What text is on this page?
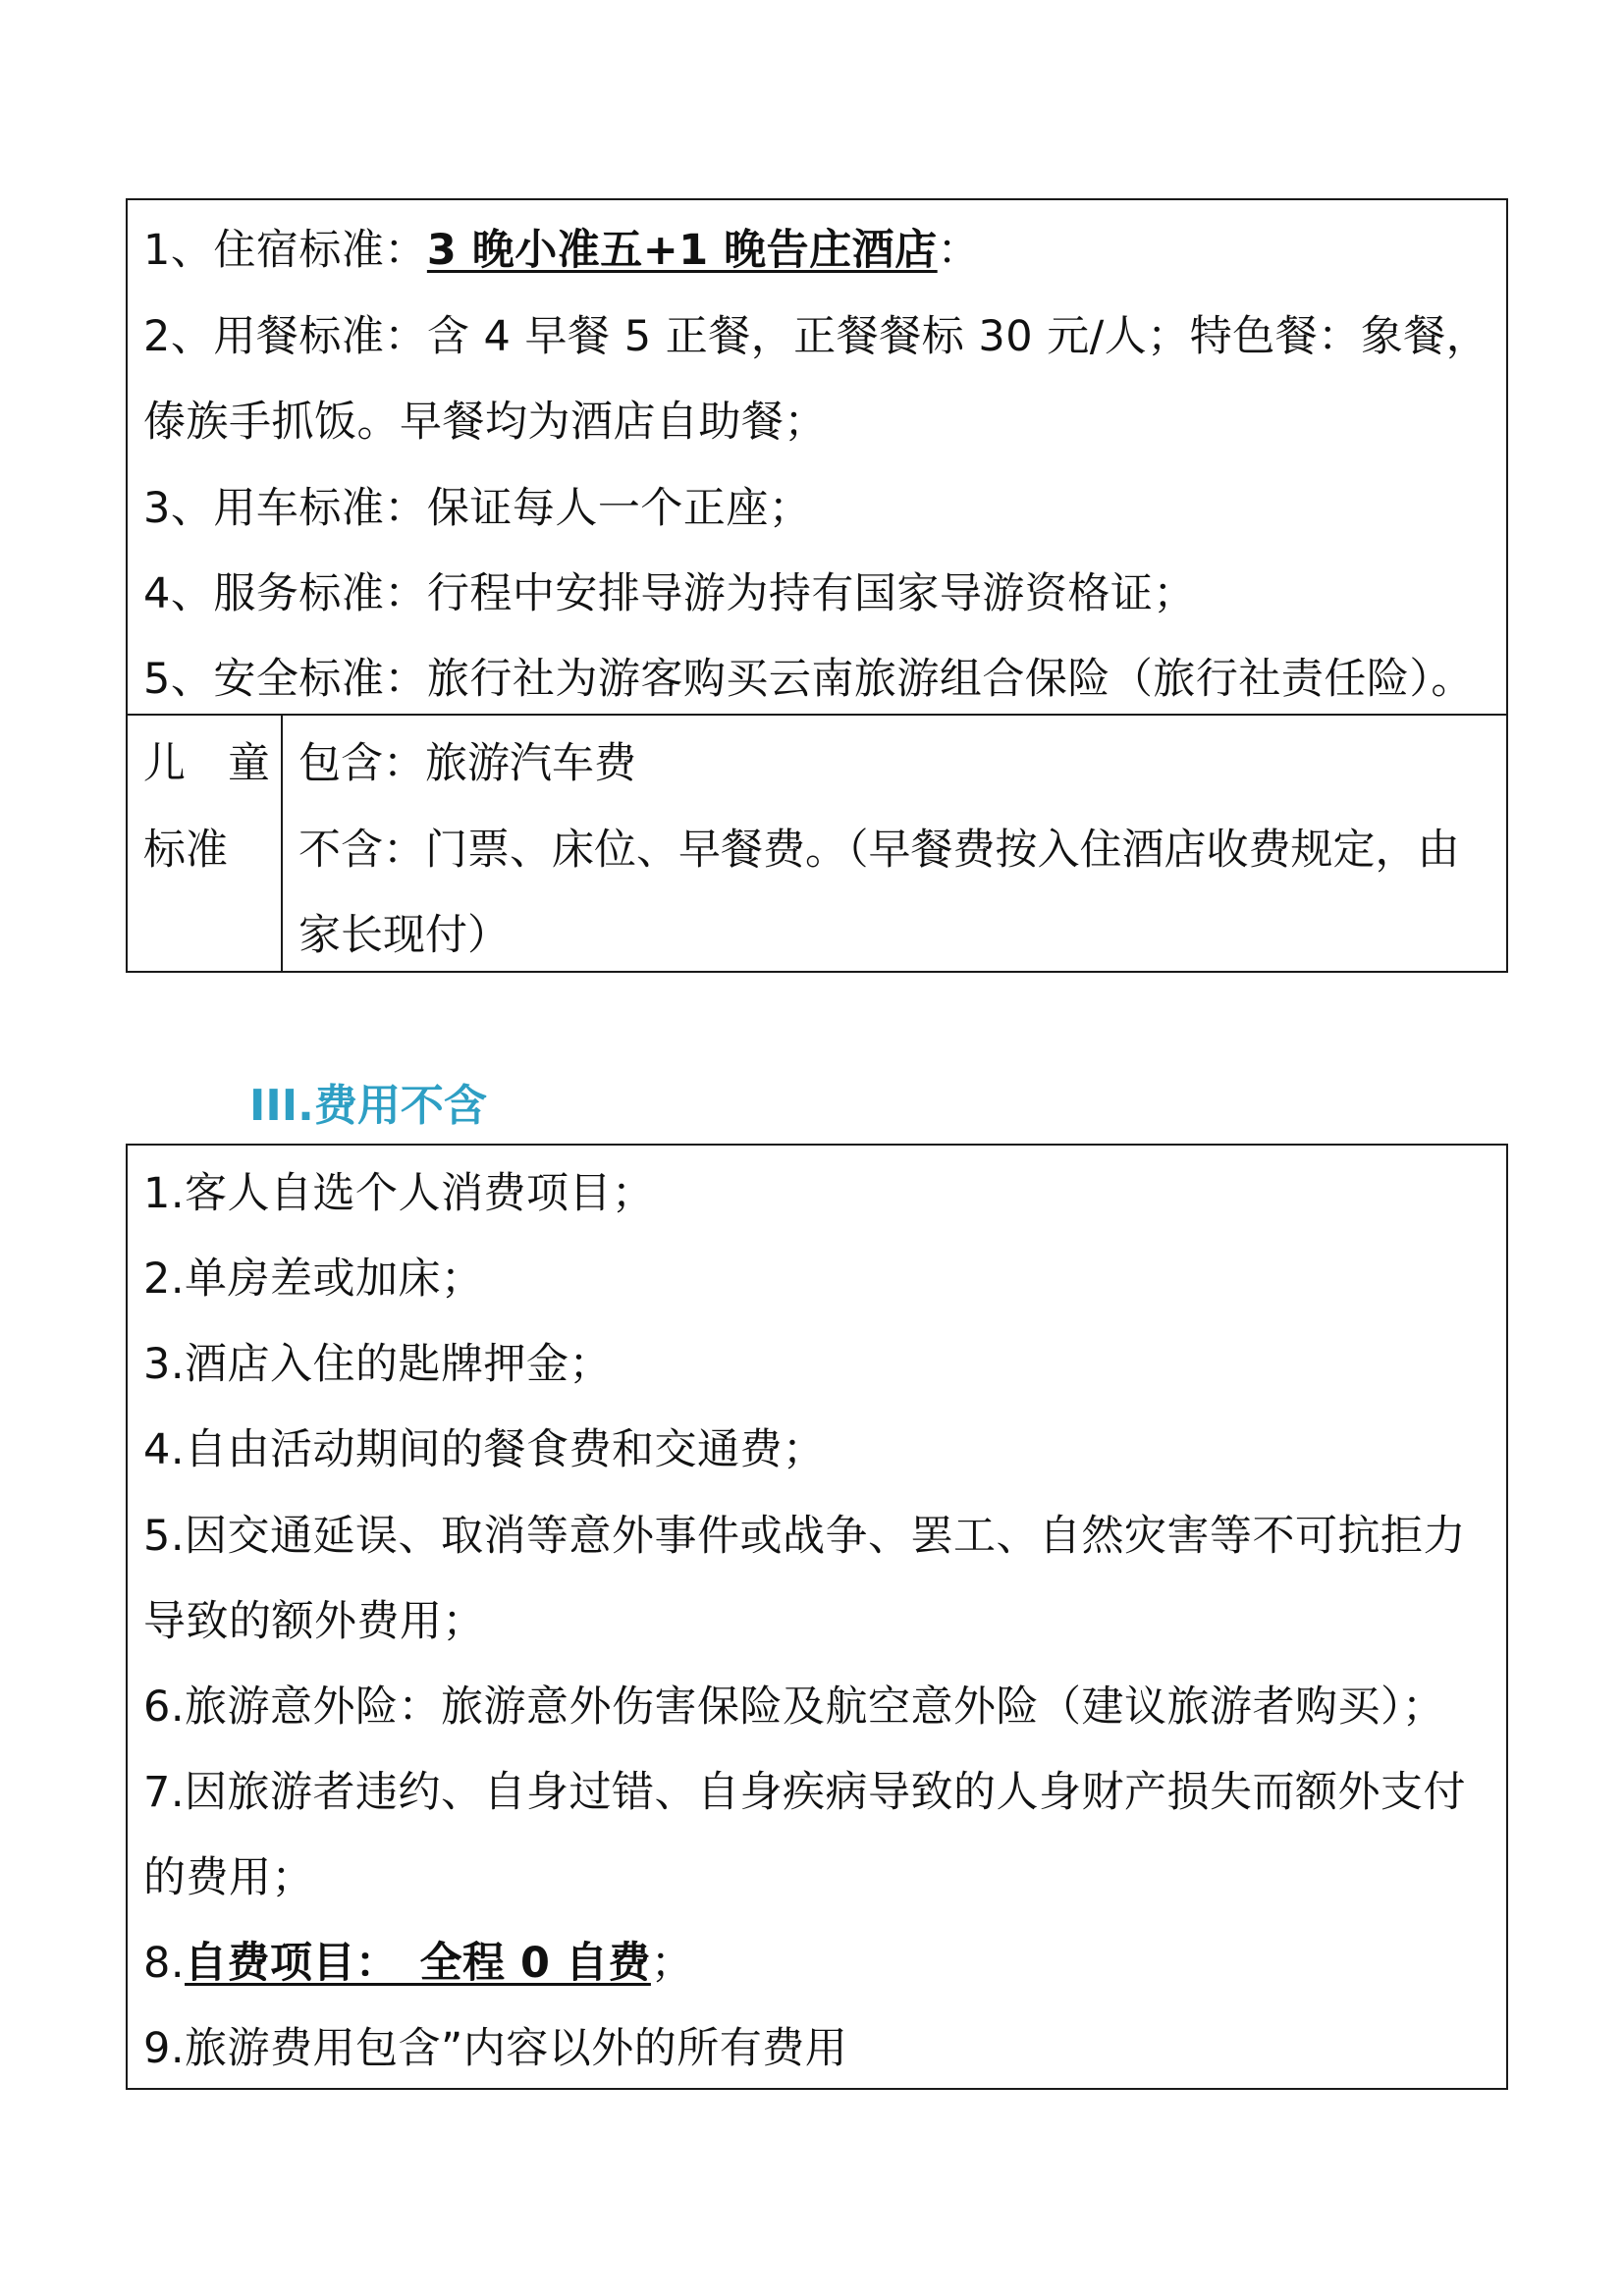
1、住宿标准：3 晚小准五+1 晚告庄酒店：
2、用餐标准：含 4 早餐 5 正餐，正餐餐标 30 元/人；特色餐：象餐，
傣族手抓饭。早餐均为酒店自助餐；
3、用车标准：保证每人一个正座；
4、服务标准：行程中安排导游为持有国家导游资格证；
5、安全标准：旅行社为游客购买云南旅游组合保险（旅行社责任险）。
儿　童
标准
包含：旅游汽车费
不含：门票、床位、早餐费。（早餐费按入住酒店收费规定，由
家长现付）
III.费用不含
1.客人自选个人消费项目；
2.单房差或加床；
3.酒店入住的匙牌押金；
4.自由活动期间的餐食费和交通费；
5.因交通延误、取消等意外事件或战争、罢工、自然灾害等不可抗拒力
导致的额外费用；
6.旅游意外险：旅游意外伤害保险及航空意外险（建议旅游者购买）；
7.因旅游者违约、自身过错、自身疾病导致的人身财产损失而额外支付
的费用；
8.自费项目：　全程 0 自费；
9.旅游费用包含”内容以外的所有费用
